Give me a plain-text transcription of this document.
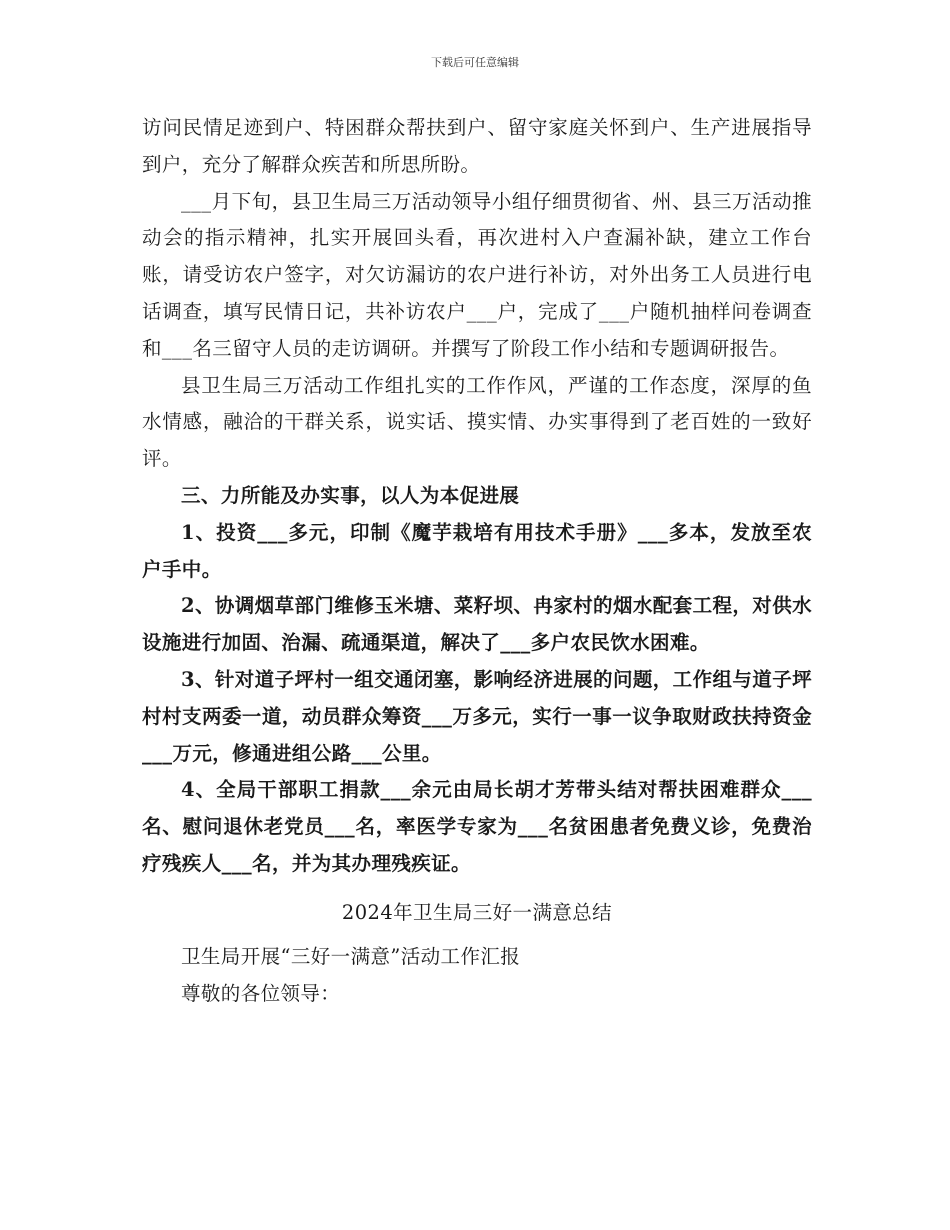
下载后可任意编辑

访问民情足迹到户、特困群众帮扶到户、留守家庭关怀到户、生产进展指导到户，充分了解群众疾苦和所思所盼。

___月下旬，县卫生局三万活动领导小组仔细贯彻省、州、县三万活动推动会的指示精神，扎实开展回头看，再次进村入户查漏补缺，建立工作台账，请受访农户签字，对欠访漏访的农户进行补访，对外出务工人员进行电话调查，填写民情日记，共补访农户___户，完成了___户随机抽样问卷调查和___名三留守人员的走访调研。并撰写了阶段工作小结和专题调研报告。

县卫生局三万活动工作组扎实的工作作风，严谨的工作态度，深厚的鱼水情感，融洽的干群关系，说实话、摸实情、办实事得到了老百姓的一致好评。

三、力所能及办实事，以人为本促进展

1、投资___多元，印制《魔芋栽培有用技术手册》___多本，发放至农户手中。

2、协调烟草部门维修玉米塘、菜籽坝、冉家村的烟水配套工程，对供水设施进行加固、治漏、疏通渠道，解决了___多户农民饮水困难。

3、针对道子坪村一组交通闭塞，影响经济进展的问题，工作组与道子坪村村支两委一道，动员群众筹资___万多元，实行一事一议争取财政扶持资金___万元，修通进组公路___公里。

4、全局干部职工捐款___余元由局长胡才芳带头结对帮扶困难群众___名、慰问退休老党员___名，率医学专家为___名贫困患者免费义诊，免费治疗残疾人___名，并为其办理残疾证。

2024年卫生局三好一满意总结

卫生局开展“三好一满意”活动工作汇报

尊敬的各位领导：
